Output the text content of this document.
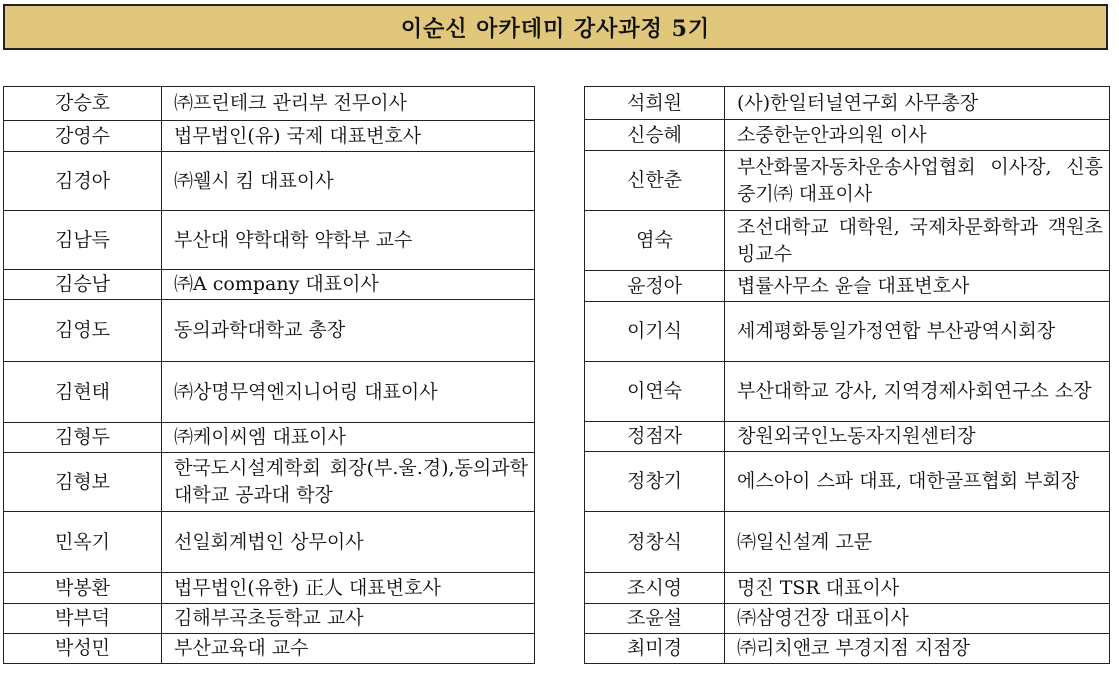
이순신 아카데미 강사과정 5기
강승호	㈜프린테크 관리부 전무이사
강영수	법무법인(유) 국제 대표변호사
김경아	㈜웰시 킴 대표이사
김남득	부산대 약학대학 약학부 교수
김승남	㈜A company 대표이사
김영도	동의과학대학교 총장
김현태	㈜상명무역엔지니어링 대표이사
김형두	㈜케이씨엠 대표이사
김형보	한국도시설계학회 회장(부.울.경),동의과학대학교 공과대 학장
민옥기	선일회계법인 상무이사
박봉환	법무법인(유한) 正人 대표변호사
박부덕	김해부곡초등학교 교사
박성민	부산교육대 교수
석희원	(사)한일터널연구회 사무총장
신승혜	소중한눈안과의원 이사
신한춘	부산화물자동차운송사업협회 이사장, 신흥중기㈜ 대표이사
염숙	조선대학교 대학원, 국제차문화학과 객원초빙교수
윤정아	볍률사무소 윤슬 대표변호사
이기식	세계평화통일가정연합 부산광역시회장
이연숙	부산대학교 강사, 지역경제사회연구소 소장
정점자	창원외국인노동자지원센터장
정창기	에스아이 스파 대표, 대한골프협회 부회장
정창식	㈜일신설계 고문
조시영	명진 TSR 대표이사
조윤설	㈜삼영건장 대표이사
최미경	㈜리치앤코 부경지점 지점장
